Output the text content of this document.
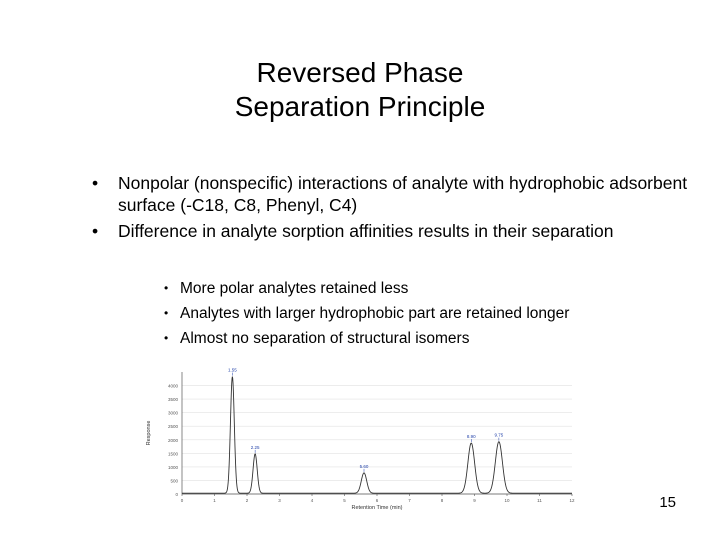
Reversed Phase
Separation Principle
• Nonpolar (nonspecific) interactions of analyte with hydrophobic adsorbent surface (-C18, C8, Phenyl, C4)
• Difference in analyte sorption affinities results in their separation
• More polar analytes retained less
• Analytes with larger hydrophobic part are retained longer
• Almost no separation of structural isomers
0
500
1000
1500
2000
2500
3000
3500
4000
0	1	2	3	4	5	6	7	8	9	10	11	12
Retention Time (min)
Response
1.55
2.25
5.60
8.90	9.75
15
